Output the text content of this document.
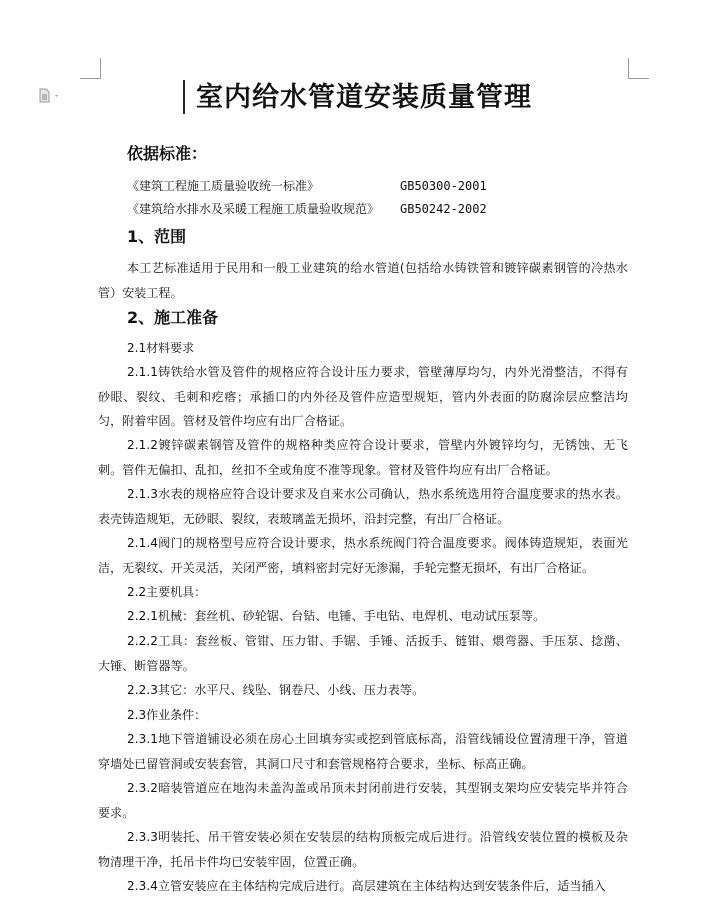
室内给水管道安装质量管理
依据标准：
《建筑工程施工质量验收统一标准》	GB50300-2001
《建筑给水排水及采暖工程施工质量验收规范》 GB50242-2002
1、范围
本工艺标准适用于民用和一般工业建筑的给水管道(包括给水铸铁管和镀锌碳素钢管的冷热水管）安装工程。
2、施工准备
2.1材料要求
2.1.1铸铁给水管及管件的规格应符合设计压力要求，管壁薄厚均匀，内外光滑整洁，不得有砂眼、裂纹、毛刺和疙瘩；承插口的内外径及管件应造型规矩，管内外表面的防腐涂层应整洁均匀，附着牢固。管材及管件均应有出厂合格证。
2.1.2镀锌碳素钢管及管件的规格种类应符合设计要求，管壁内外镀锌均匀，无锈蚀、无飞刺。管件无偏扣、乱扣，丝扣不全或角度不准等现象。管材及管件均应有出厂合格证。
2.1.3水表的规格应符合设计要求及自来水公司确认，热水系统选用符合温度要求的热水表。表壳铸造规矩，无砂眼、裂纹，表玻璃盖无损坏，沿封完整，有出厂合格证。
2.1.4阀门的规格型号应符合设计要求，热水系统阀门符合温度要求。阀体铸造规矩，表面光洁，无裂纹、开关灵活，关闭严密，填料密封完好无渗漏，手轮完整无损坏，有出厂合格证。
2.2主要机具：
2.2.1机械：套丝机、砂轮锯、台钻、电锤、手电钻、电焊机、电动试压泵等。
2.2.2工具：套丝板、管钳、压力钳、手锯、手锤、活扳手、链钳、煨弯器、手压泵、捻凿、大锤、断管器等。
2.2.3其它：水平尺、线坠、钢卷尺、小线、压力表等。
2.3作业条件：
2.3.1地下管道铺设必须在房心土回填夯实或挖到管底标高，沿管线铺设位置清理干净，管道穿墙处已留管洞或安装套管，其洞口尺寸和套管规格符合要求，坐标、标高正确。
2.3.2暗装管道应在地沟未盖沟盖或吊顶未封闭前进行安装，其型钢支架均应安装完毕并符合要求。
2.3.3明装托、吊干管安装必须在安装层的结构顶板完成后进行。沿管线安装位置的模板及杂物清理干净，托吊卡件均已安装牢固，位置正确。
2.3.4立管安装应在主体结构完成后进行。高层建筑在主体结构达到安装条件后，适当插入
